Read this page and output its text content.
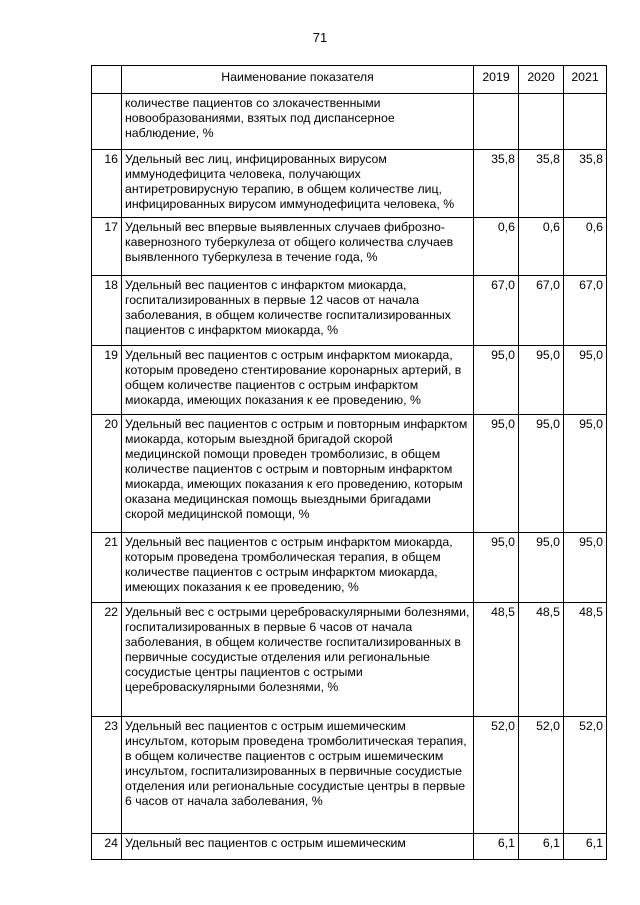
71
	Наименование показателя	2019	2020	2021
	количестве пациентов со злокачественными новообразованиями, взятых под диспансерное наблюдение, %			
16	Удельный вес лиц, инфицированных вирусом иммунодефицита человека, получающих антиретровирусную терапию, в общем количестве лиц, инфицированных вирусом иммунодефицита человека, %	35,8	35,8	35,8
17	Удельный вес впервые выявленных случаев фиброзно-кавернозного туберкулеза от общего количества случаев выявленного туберкулеза в течение года, %	0,6	0,6	0,6
18	Удельный вес пациентов с инфарктом миокарда, госпитализированных в первые 12 часов от начала заболевания, в общем количестве госпитализированных пациентов с инфарктом миокарда, %	67,0	67,0	67,0
19	Удельный вес пациентов с острым инфарктом миокарда, которым проведено стентирование коронарных артерий, в общем количестве пациентов с острым инфарктом миокарда, имеющих показания к ее проведению, %	95,0	95,0	95,0
20	Удельный вес пациентов с острым и повторным инфарктом миокарда, которым выездной бригадой скорой медицинской помощи проведен тромболизис, в общем количестве пациентов с острым и повторным инфарктом миокарда, имеющих показания к его проведению, которым оказана медицинская помощь выездными бригадами скорой медицинской помощи, %	95,0	95,0	95,0
21	Удельный вес пациентов с острым инфарктом миокарда, которым проведена тромболическая терапия, в общем количестве пациентов с острым инфарктом миокарда, имеющих показания к ее проведению, %	95,0	95,0	95,0
22	Удельный вес с острыми цереброваскулярными болезнями, госпитализированных в первые 6 часов от начала заболевания, в общем количестве госпитализированных в первичные сосудистые отделения или региональные сосудистые центры пациентов с острыми цереброваскулярными болезнями, %	48,5	48,5	48,5
23	Удельный вес пациентов с острым ишемическим инсультом, которым проведена тромболитическая терапия, в общем количестве пациентов с острым ишемическим инсультом, госпитализированных в первичные сосудистые отделения или региональные сосудистые центры в первые 6 часов от начала заболевания, %	52,0	52,0	52,0
24	Удельный вес пациентов с острым ишемическим	6,1	6,1	6,1
